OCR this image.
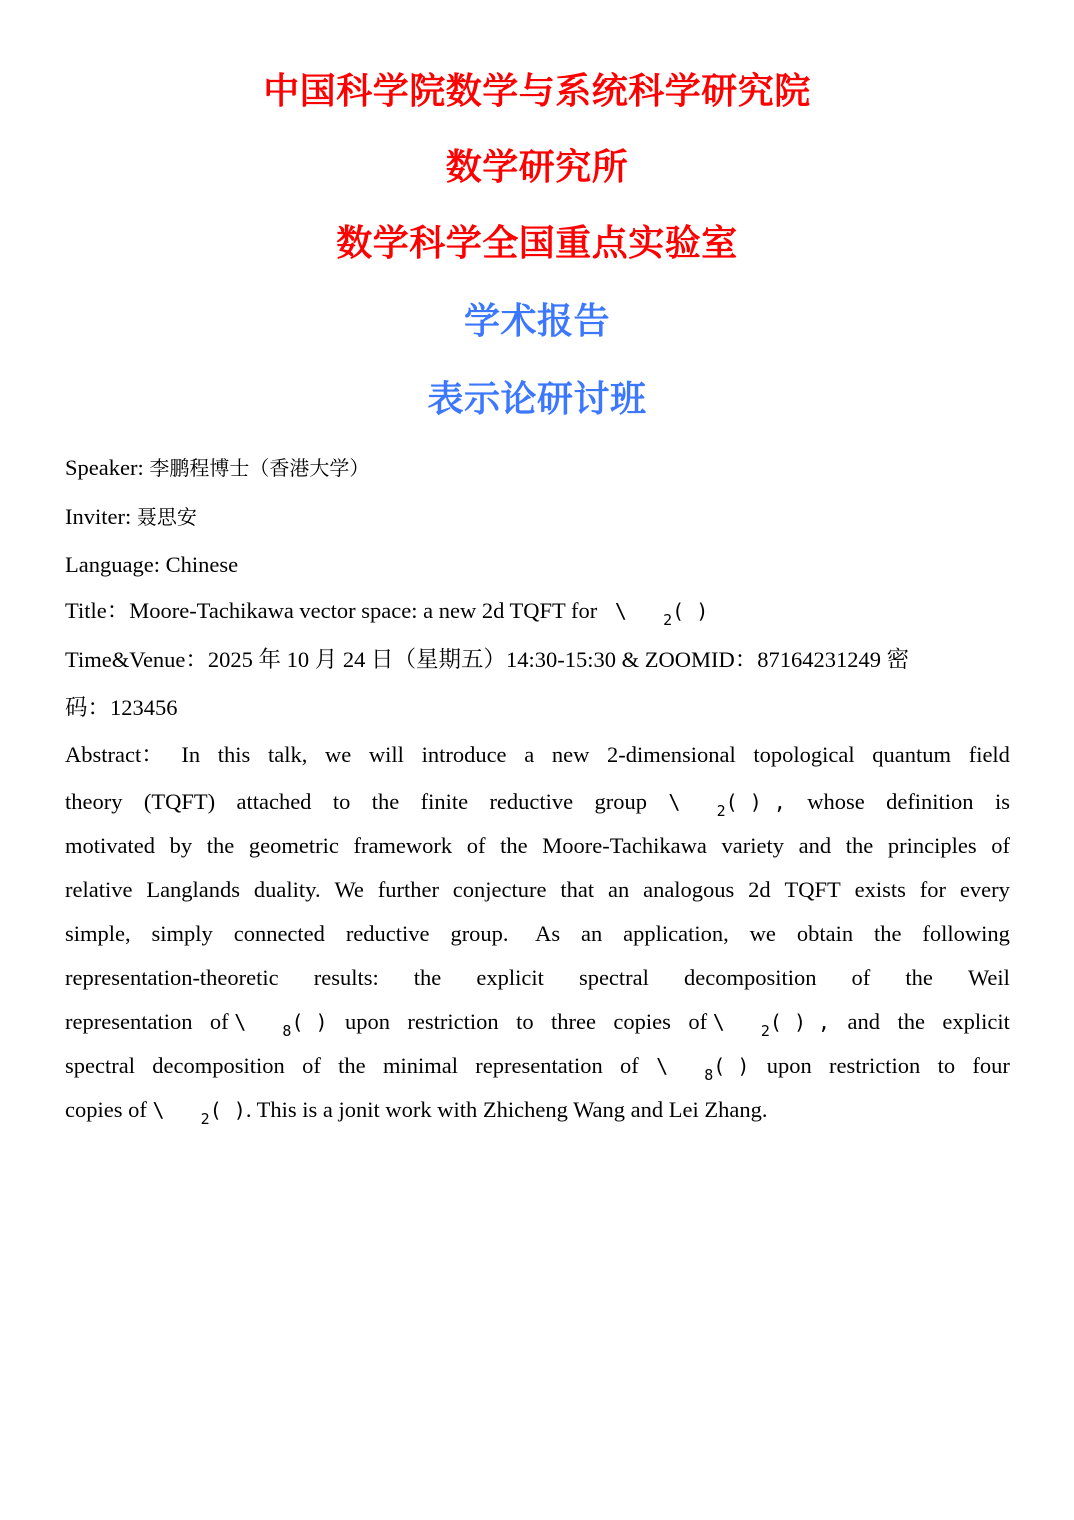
中国科学院数学与系统科学研究院
数学研究所
数学科学全国重点实验室
学术报告
表示论研讨班
Speaker: 李鹏程博士（香港大学）
Inviter: 聂思安
Language: Chinese
Title：Moore-Tachikawa vector space: a new 2d TQFT for  \   $_2$( )
Time&Venue：2025 年 10 月 24 日（星期五）14:30-15:30 & ZOOMID：87164231249 密
码：123456
Abstract： In this talk, we will introduce a new 2-dimensional topological quantum field
theory (TQFT) attached to the finite reductive group \   2( ) , whose definition is
motivated by the geometric framework of the Moore-Tachikawa variety and the principles of
relative Langlands duality. We further conjecture that an analogous 2d TQFT exists for every
simple, simply connected reductive group. As an application, we obtain the following
representation-theoretic results: the explicit spectral decomposition of the Weil
representation of \   8( ) upon restriction to three copies of \   2( ) , and the explicit
spectral decomposition of the minimal representation of \   8( ) upon restriction to four
copies of \   2( ). This is a jonit work with Zhicheng Wang and Lei Zhang.
